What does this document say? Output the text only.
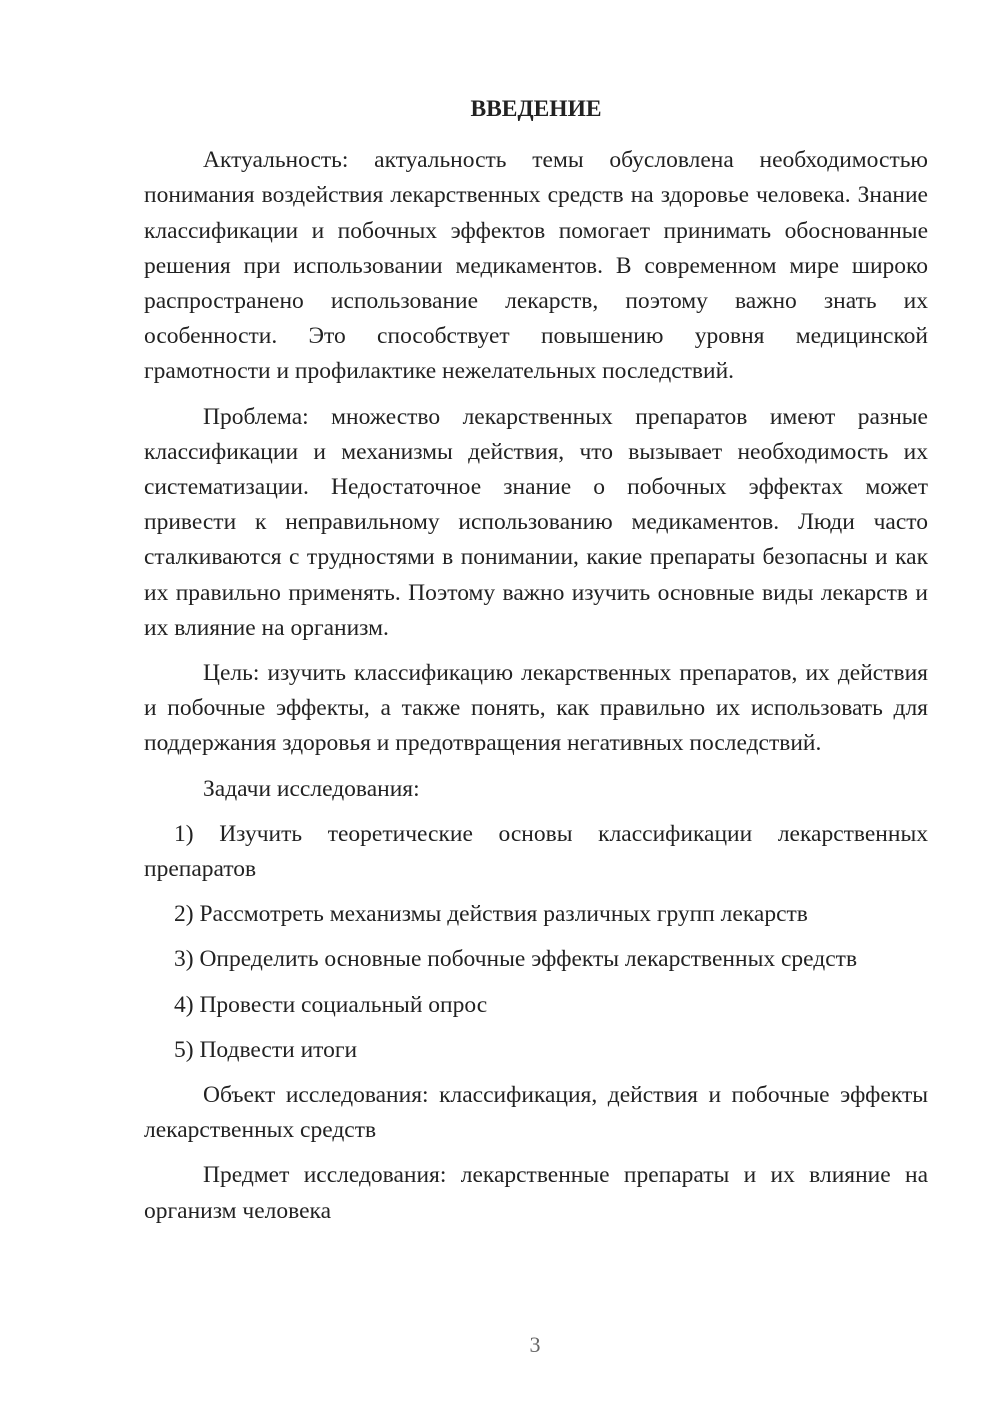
ВВЕДЕНИЕ

Актуальность: актуальность темы обусловлена необходимостью понимания воздействия лекарственных средств на здоровье человека. Знание классификации и побочных эффектов помогает принимать обоснованные решения при использовании медикаментов. В современном мире широко распространено использование лекарств, поэтому важно знать их особенности. Это способствует повышению уровня медицинской грамотности и профилактике нежелательных последствий.

Проблема: множество лекарственных препаратов имеют разные классификации и механизмы действия, что вызывает необходимость их систематизации. Недостаточное знание о побочных эффектах может привести к неправильному использованию медикаментов. Люди часто сталкиваются с трудностями в понимании, какие препараты безопасны и как их правильно применять. Поэтому важно изучить основные виды лекарств и их влияние на организм.

Цель: изучить классификацию лекарственных препаратов, их действия и побочные эффекты, а также понять, как правильно их использовать для поддержания здоровья и предотвращения негативных последствий.

Задачи исследования:

1) Изучить теоретические основы классификации лекарственных препаратов

2) Рассмотреть механизмы действия различных групп лекарств

3) Определить основные побочные эффекты лекарственных средств

4) Провести социальный опрос

5) Подвести итоги

Объект исследования: классификация, действия и побочные эффекты лекарственных средств

Предмет исследования: лекарственные препараты и их влияние на организм человека

3
